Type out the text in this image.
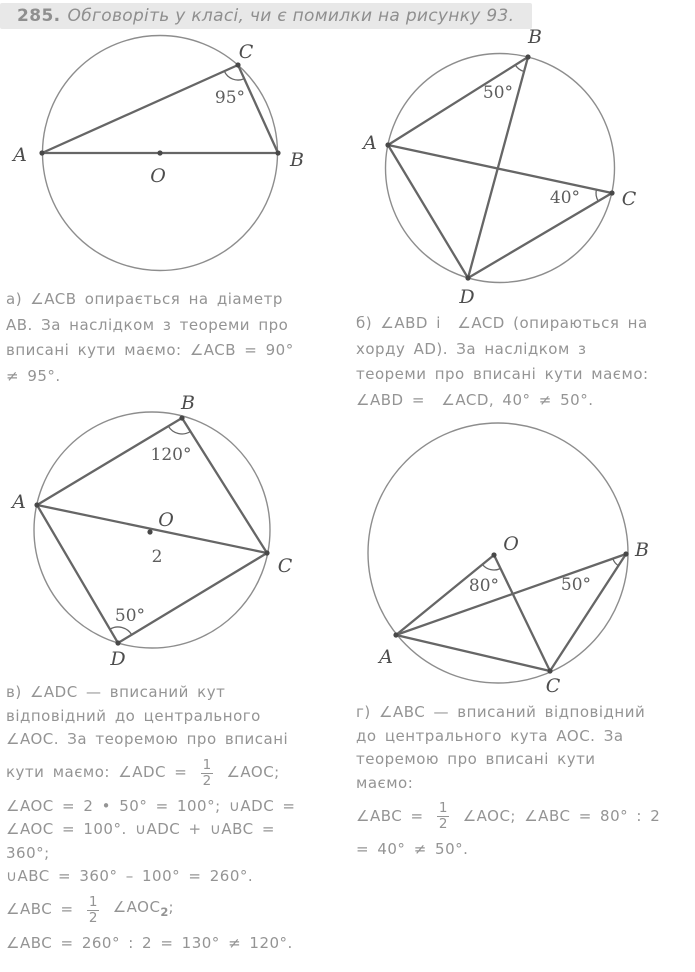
285. Обговоріть у класі, чи є помилки на рисунку 93.
A	B
C
O
95°
A
B
C
D
50°
40°
A
B
C
D
O
120°
50°
2
O	B
A
C
80°	50°
а) ∠ACB опирається на діаметр
AB. За наслідком з теореми про
вписані кути маємо: ∠ACB = 90°
≠ 95°.
б) ∠ABD і  ∠ACD (опираються на
хорду AD). За наслідком з
теореми про вписані кути маємо:
∠ABD =  ∠ACD, 40° ≠ 50°.
в) ∠ADC — вписаний кут
відповідний до центрального
∠AOC. За теоремою про вписані
кути маємо: ∠ADC = $\frac{1}{2}$ ∠AOC;
∠AOC = 2 • 50° = 100°; ∪ADC =
∠AOC = 100°. ∪ADC + ∪ABC =
360°;
∪ABC = 360° – 100° = 260°.
∠ABC = $\frac{1}{2}$ $\angle AOC_2$;
∠ABC = 260° : 2 = 130° ≠ 120°.
г) ∠ABC — вписаний відповідний
до центрального кута AOC. За
теоремою про вписані кути
маємо:
∠ABC = $\frac{1}{2}$ ∠AOC; ∠ABC = 80° : 2
= 40° ≠ 50°.
